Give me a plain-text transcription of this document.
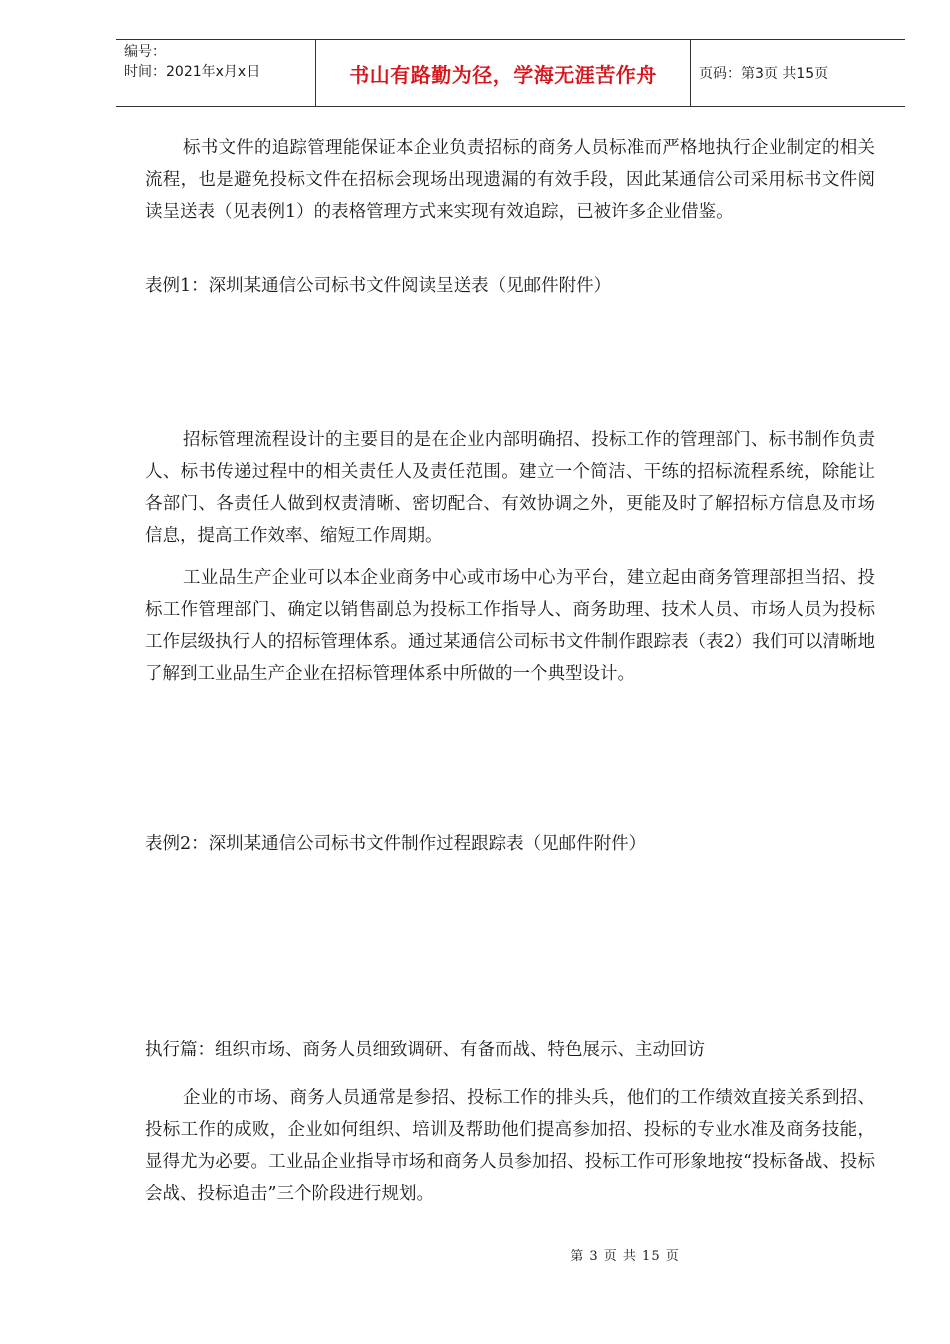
编号：
时间：2021年x月x日	书山有路勤为径，学海无涯苦作舟	页码：第3页 共15页

标书文件的追踪管理能保证本企业负责招标的商务人员标准而严格地执行企业制定的相关流程，也是避免投标文件在招标会现场出现遗漏的有效手段，因此某通信公司采用标书文件阅读呈送表（见表例1）的表格管理方式来实现有效追踪，已被许多企业借鉴。

表例1：深圳某通信公司标书文件阅读呈送表（见邮件附件）

招标管理流程设计的主要目的是在企业内部明确招、投标工作的管理部门、标书制作负责人、标书传递过程中的相关责任人及责任范围。建立一个简洁、干练的招标流程系统，除能让各部门、各责任人做到权责清晰、密切配合、有效协调之外，更能及时了解招标方信息及市场信息，提高工作效率、缩短工作周期。

工业品生产企业可以本企业商务中心或市场中心为平台，建立起由商务管理部担当招、投标工作管理部门、确定以销售副总为投标工作指导人、商务助理、技术人员、市场人员为投标工作层级执行人的招标管理体系。通过某通信公司标书文件制作跟踪表（表2）我们可以清晰地了解到工业品生产企业在招标管理体系中所做的一个典型设计。

表例2：深圳某通信公司标书文件制作过程跟踪表（见邮件附件）

执行篇：组织市场、商务人员细致调研、有备而战、特色展示、主动回访

企业的市场、商务人员通常是参招、投标工作的排头兵，他们的工作绩效直接关系到招、投标工作的成败，企业如何组织、培训及帮助他们提高参加招、投标的专业水准及商务技能，显得尤为必要。工业品企业指导市场和商务人员参加招、投标工作可形象地按“投标备战、投标会战、投标追击”三个阶段进行规划。

第 3 页 共 15 页
